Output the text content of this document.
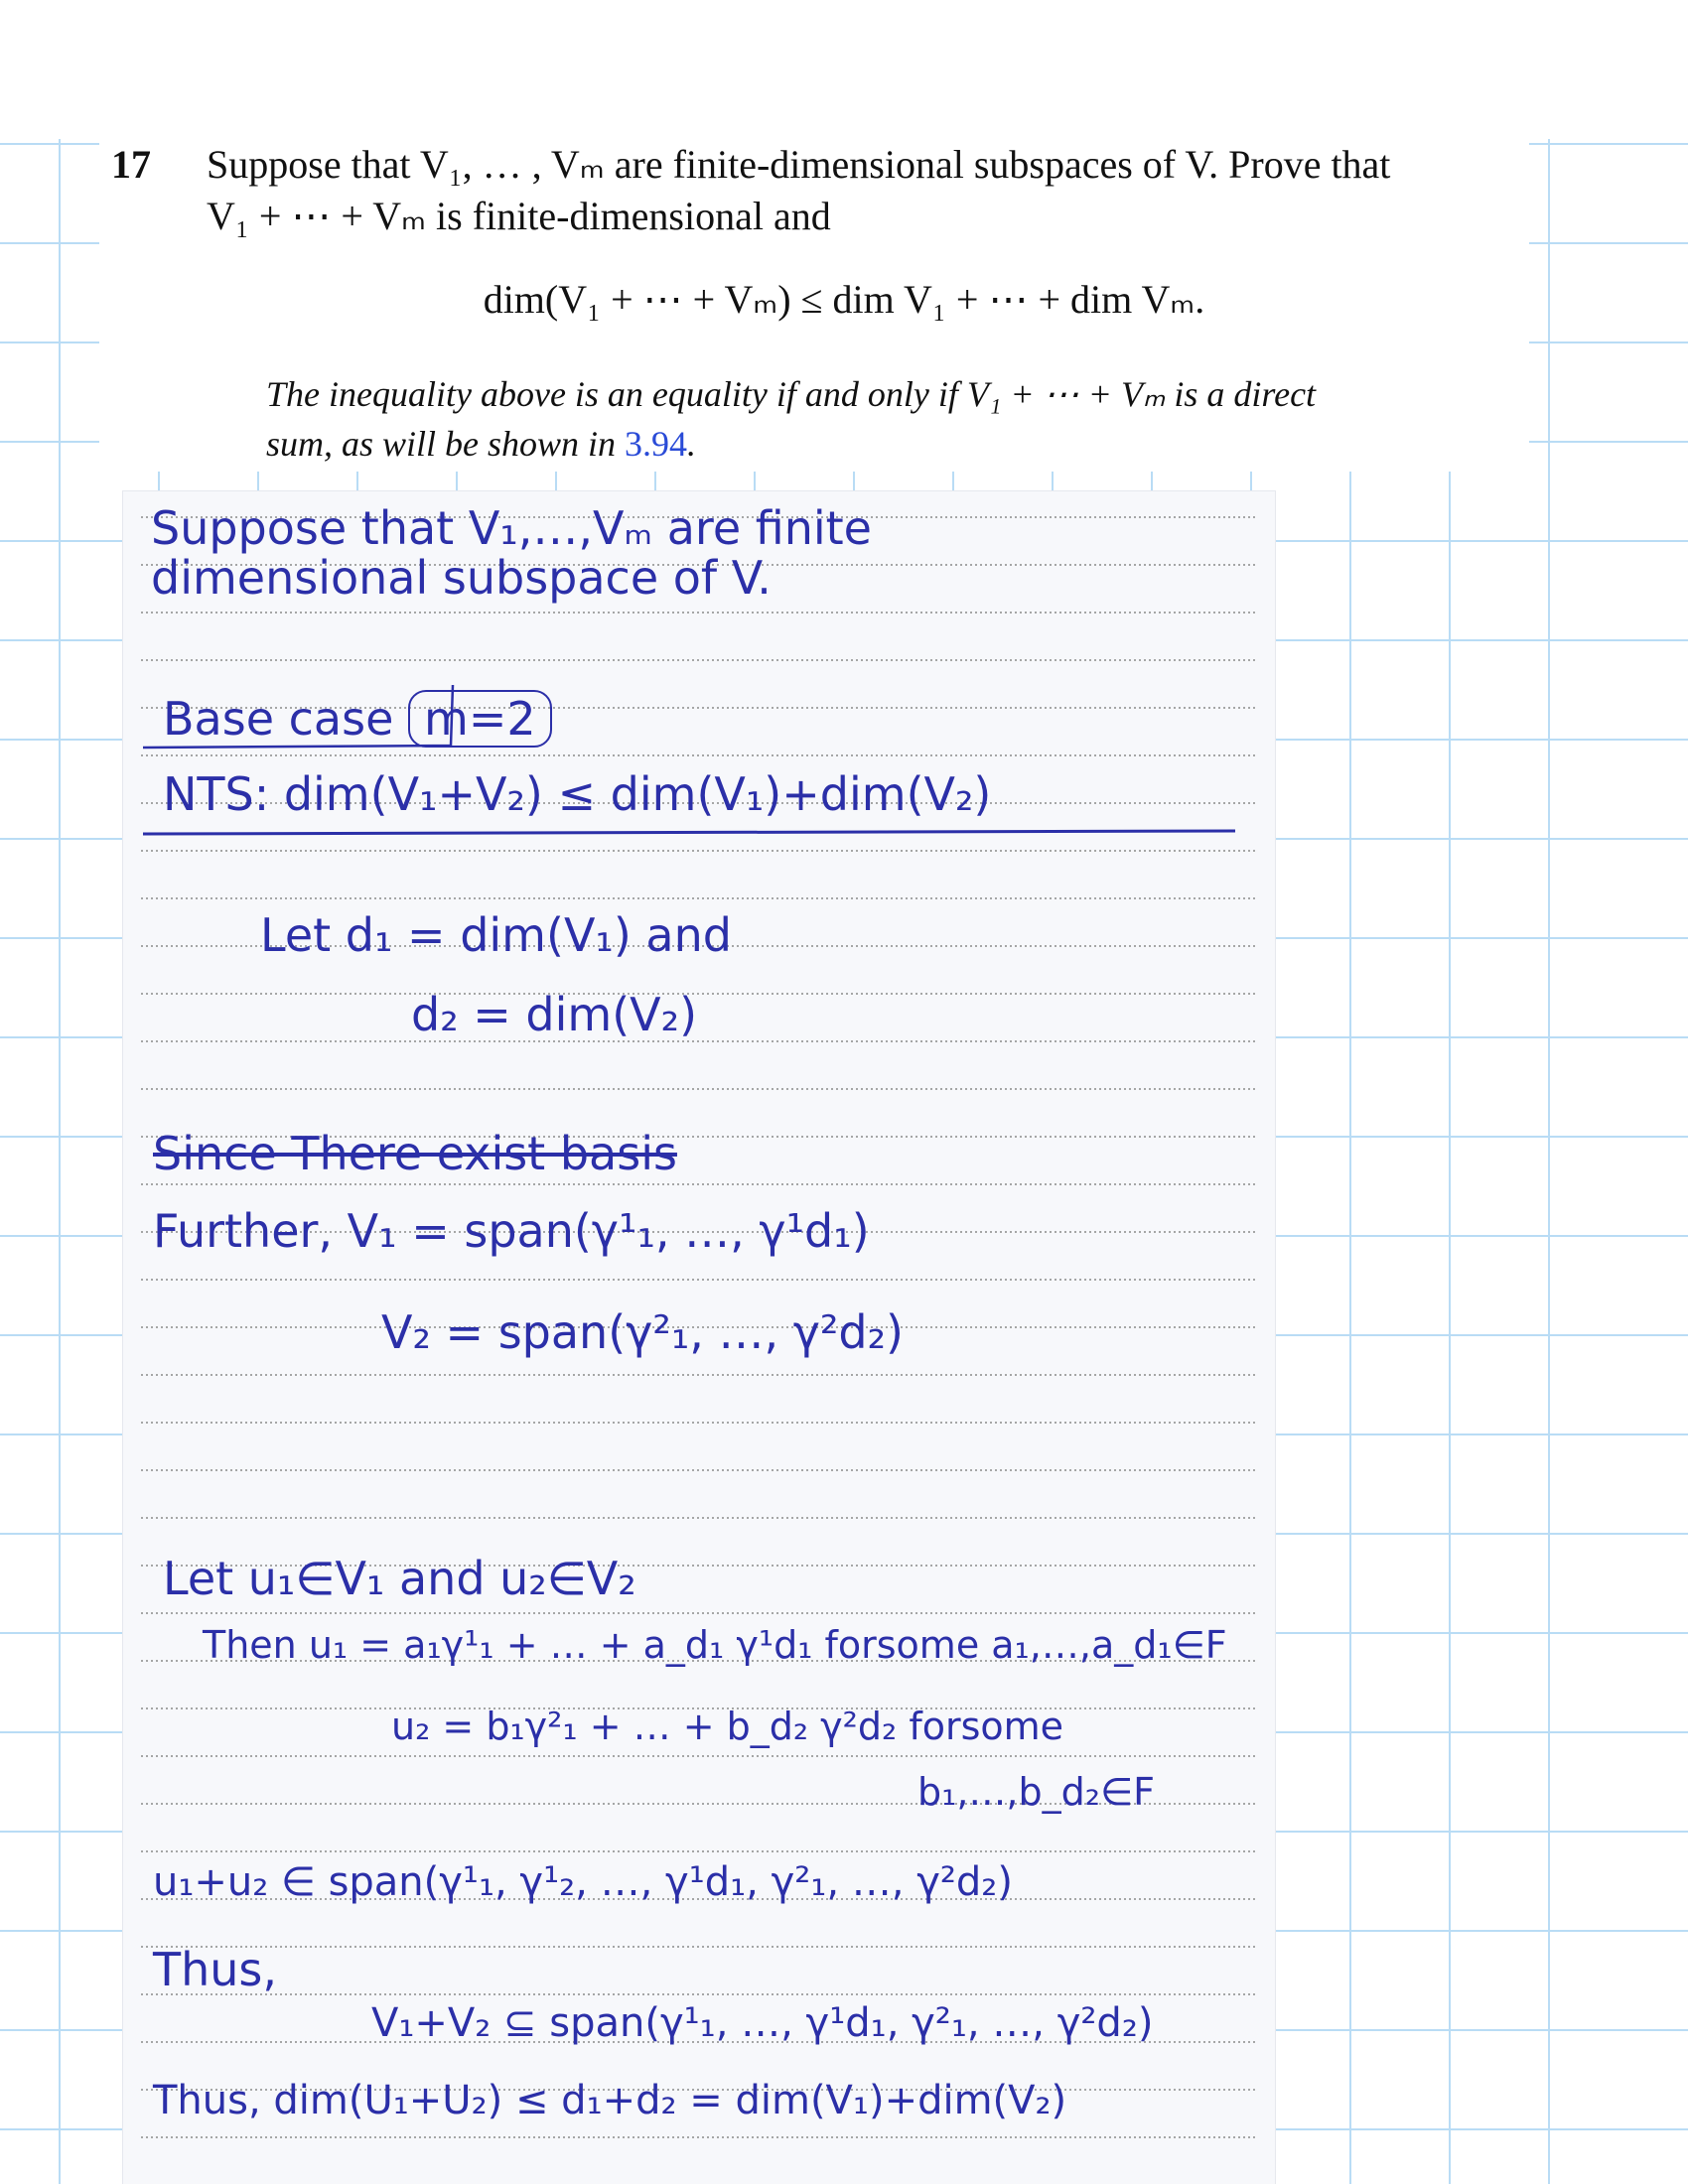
17 Suppose that V₁, … , Vₘ are finite-dimensional subspaces of V. Prove that
V₁ + ⋯ + Vₘ is finite-dimensional and
dim(V₁ + ⋯ + Vₘ) ≤ dim V₁ + ⋯ + dim Vₘ.
The inequality above is an equality if and only if V₁ + ⋯ + Vₘ is a direct
sum, as will be shown in 3.94.
Suppose that V₁,…,Vₘ are finite
dimensional subspace of V.
Base case m=2
NTS: dim(V₁+V₂) ≤ dim(V₁)+dim(V₂)
Let d₁ = dim(V₁) and
d₂ = dim(V₂)
Since There exist basis
Further, V₁ = span(γ¹₁, …, γ¹d₁)
V₂ = span(γ²₁, …, γ²d₂)
Let u₁∈V₁ and u₂∈V₂
Then u₁ = a₁γ¹₁ + … + a_d₁ γ¹d₁ forsome a₁,…,a_d₁∈F
u₂ = b₁γ²₁ + … + b_d₂ γ²d₂ forsome
b₁,…,b_d₂∈F
u₁+u₂ ∈ span(γ¹₁, γ¹₂, …, γ¹d₁, γ²₁, …, γ²d₂)
Thus,
V₁+V₂ ⊆ span(γ¹₁, …, γ¹d₁, γ²₁, …, γ²d₂)
Thus, dim(U₁+U₂) ≤ d₁+d₂ = dim(V₁)+dim(V₂)
